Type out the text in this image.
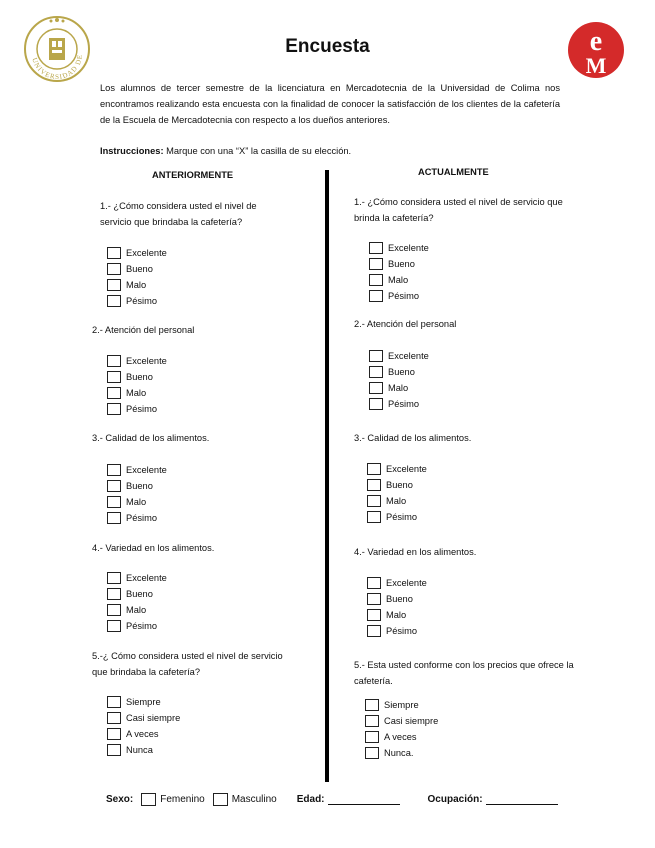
UNIVERSIDAD DE	e
M
Encuesta
Los alumnos de tercer semestre de la licenciatura en Mercadotecnia de la Universidad de Colima nos encontramos realizando esta encuesta con la finalidad de conocer la satisfacción de los clientes de la cafetería de la Escuela de Mercadotecnia con respecto a los dueños anteriores.
Instrucciones: Marque con una “X” la casilla de su elección.
ANTERIORMENTE	ACTUALMENTE
1.- ¿Cómo considera usted el nivel de servicio que brindaba la cafetería?
Excelente
Bueno
Malo
Pésimo
2.- Atención del personal
Excelente
Bueno
Malo
Pésimo
3.- Calidad de los alimentos.
Excelente
Bueno
Malo
Pésimo
4.- Variedad en los alimentos.
Excelente
Bueno
Malo
Pésimo
5.-¿ Cómo considera usted el nivel de servicio que brindaba la cafetería?
Siempre
Casi siempre
A veces
Nunca
1.- ¿Cómo considera usted el nivel de servicio que brinda la cafetería?
Excelente
Bueno
Malo
Pésimo
2.- Atención del personal
Excelente
Bueno
Malo
Pésimo
3.- Calidad de los alimentos.
Excelente
Bueno
Malo
Pésimo
4.- Variedad en los alimentos.
Excelente
Bueno
Malo
Pésimo
5.- Esta usted conforme con los precios que ofrece la cafetería.
Siempre
Casi siempre
A veces
Nunca.
Sexo:	Femenino	Masculino Edad:	Ocupación:
